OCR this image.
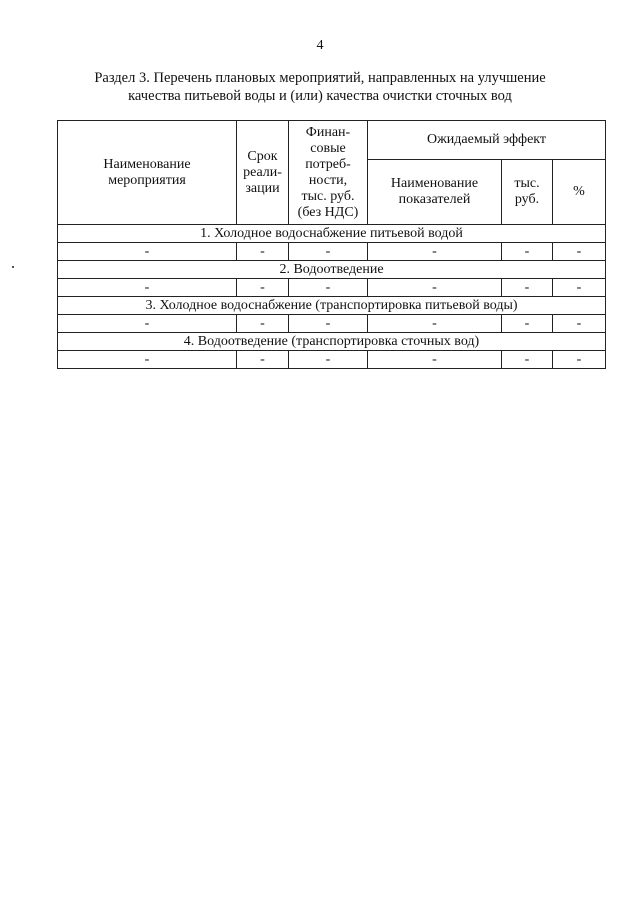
4
Раздел 3. Перечень плановых мероприятий, направленных на улучшение
качества питьевой воды и (или) качества очистки сточных вод
Наименование мероприятия	Срок реали-зации	Финан-совые потреб-ности, тыс. руб. (без НДС)	Ожидаемый эффект		
			Наименование показателей	тыс. руб.	%
1. Холодное водоснабжение питьевой водой					
-	-	-	-	-	-
2. Водоотведение					
-	-	-	-	-	-
3. Холодное водоснабжение (транспортировка питьевой воды)					
-	-	-	-	-	-
4. Водоотведение (транспортировка сточных вод)					
-	-	-	-	-	-
